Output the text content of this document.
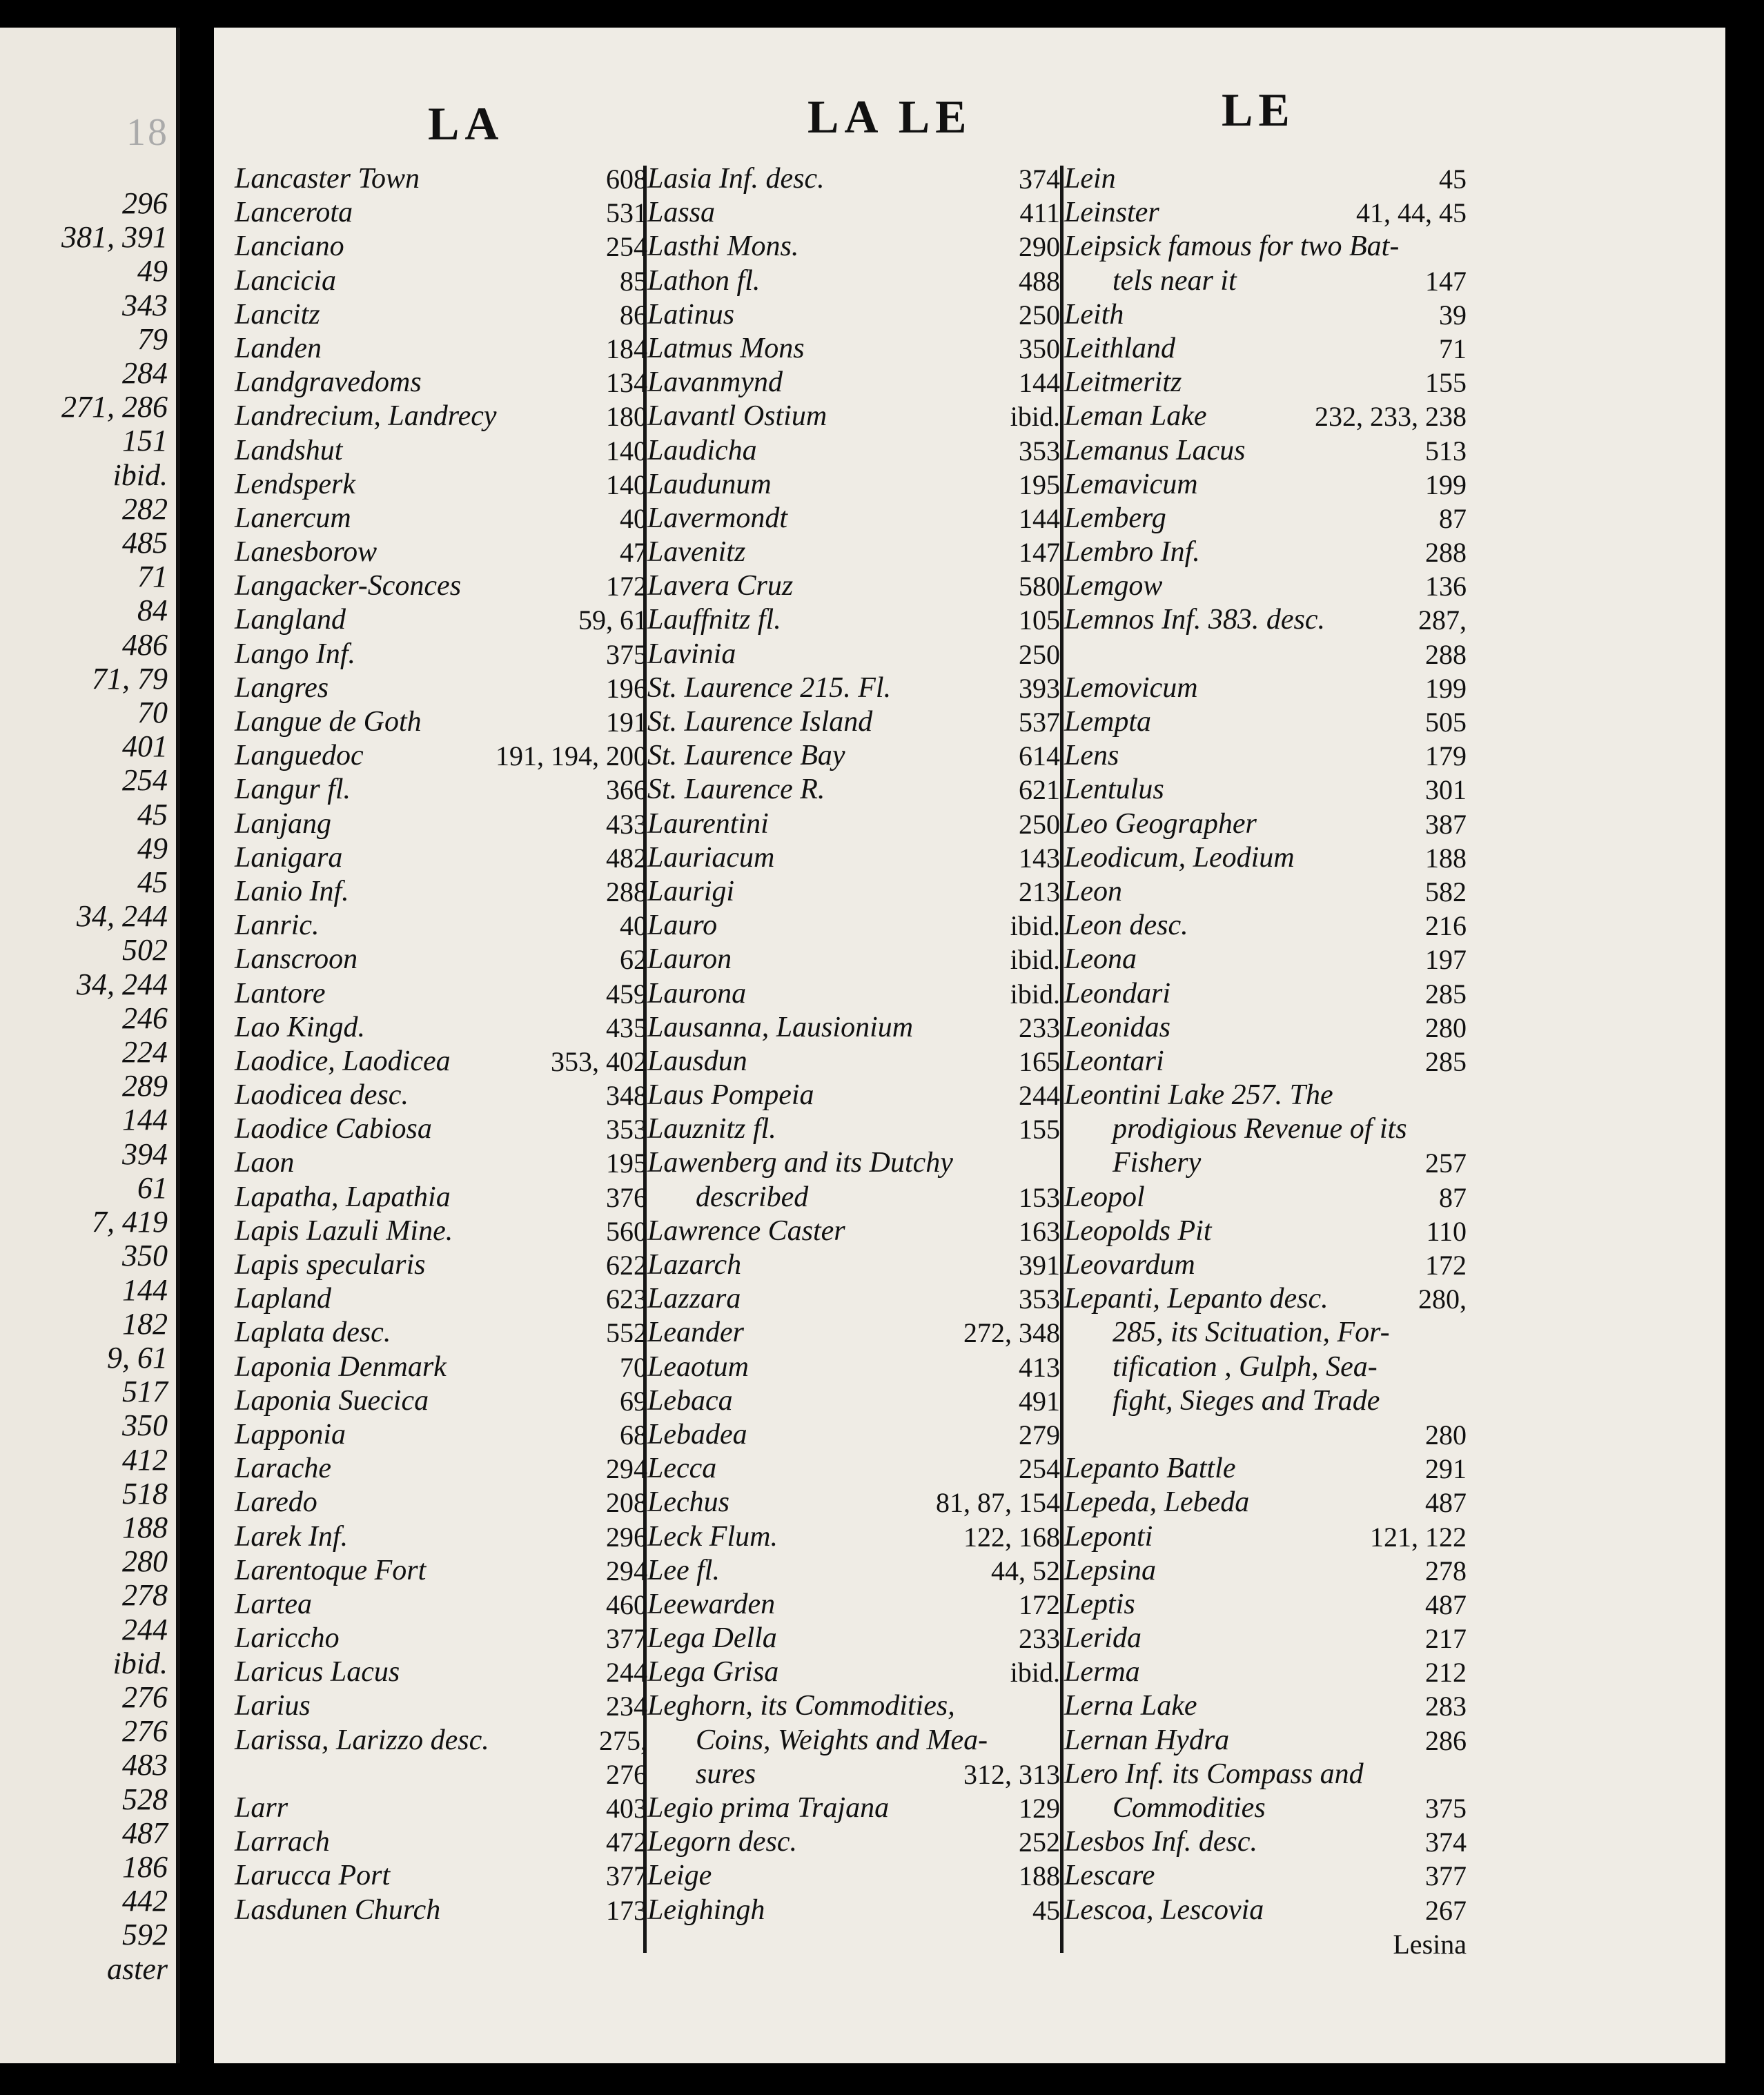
18
296
381, 391
49
343
79
284
271, 286
151
ibid.
282
485
71
84
486
71, 79
70
401
254
45
49
45
34, 244
502
34, 244
246
224
289
144
394
61
7, 419
350
144
182
9, 61
517
350
412
518
188
280
278
244
ibid.
276
276
483
528
487
186
442
592
aster
LA	LA LE	LE
Lancaster Town	608
Lancerota	531
Lanciano	254
Lancicia	85
Lancitz	86
Landen	184
Landgravedoms	134
Landrecium, Landrecy	180
Landshut	140
Lendsperk	140
Lanercum	40
Lanesborow	47
Langacker-Sconces	172
Langland	59, 61
Lango Inf.	375
Langres	196
Langue de Goth	191
Languedoc	191, 194, 200
Langur fl.	366
Lanjang	433
Lanigara	482
Lanio Inf.	288
Lanric.	40
Lanscroon	62
Lantore	459
Lao Kingd.	435
Laodice, Laodicea	353, 402
Laodicea desc.	348
Laodice Cabiosa	353
Laon	195
Lapatha, Lapathia	376
Lapis Lazuli Mine.	560
Lapis specularis	622
Lapland	623
Laplata desc.	552
Laponia Denmark	70
Laponia Suecica	69
Lapponia	68
Larache	294
Laredo	208
Larek Inf.	296
Larentoque Fort	294
Lartea	460
Lariccho	377
Laricus Lacus	244
Larius	234
Larissa, Larizzo desc.	275,
276
Larr	403
Larrach	472
Larucca Port	377
Lasdunen Church	173
Lasia Inf. desc.	374
Lassa	411
Lasthi Mons.	290
Lathon fl.	488
Latinus	250
Latmus Mons	350
Lavanmynd	144
Lavantl Ostium	ibid.
Laudicha	353
Laudunum	195
Lavermondt	144
Lavenitz	147
Lavera Cruz	580
Lauffnitz fl.	105
Lavinia	250
St. Laurence 215. Fl.	393
St. Laurence Island	537
St. Laurence Bay	614
St. Laurence R.	621
Laurentini	250
Lauriacum	143
Laurigi	213
Lauro	ibid.
Lauron	ibid.
Laurona	ibid.
Lausanna, Lausionium	233
Lausdun	165
Laus Pompeia	244
Lauznitz fl.	155
Lawenberg and its Dutchy
described	153
Lawrence Caster	163
Lazarch	391
Lazzara	353
Leander	272, 348
Leaotum	413
Lebaca	491
Lebadea	279
Lecca	254
Lechus	81, 87, 154
Leck Flum.	122, 168
Lee fl.	44, 52
Leewarden	172
Lega Della	233
Lega Grisa	ibid.
Leghorn, its Commodities,
Coins, Weights and Mea-
sures	312, 313
Legio prima Trajana	129
Legorn desc.	252
Leige	188
Leighingh	45
Lein	45
Leinster	41, 44, 45
Leipsick famous for two Bat-
tels near it	147
Leith	39
Leithland	71
Leitmeritz	155
Leman Lake	232, 233, 238
Lemanus Lacus	513
Lemavicum	199
Lemberg	87
Lembro Inf.	288
Lemgow	136
Lemnos Inf. 383. desc.	287,
288
Lemovicum	199
Lempta	505
Lens	179
Lentulus	301
Leo Geographer	387
Leodicum, Leodium	188
Leon	582
Leon desc.	216
Leona	197
Leondari	285
Leonidas	280
Leontari	285
Leontini Lake 257. The
prodigious Revenue of its
Fishery	257
Leopol	87
Leopolds Pit	110
Leovardum	172
Lepanti, Lepanto desc.	280,
285, its Scituation, For-
tification , Gulph, Sea-
fight, Sieges and Trade
280
Lepanto Battle	291
Lepeda, Lebeda	487
Leponti	121, 122
Lepsina	278
Leptis	487
Lerida	217
Lerma	212
Lerna Lake	283
Lernan Hydra	286
Lero Inf. its Compass and
Commodities	375
Lesbos Inf. desc.	374
Lescare	377
Lescoa, Lescovia	267
Lesina
